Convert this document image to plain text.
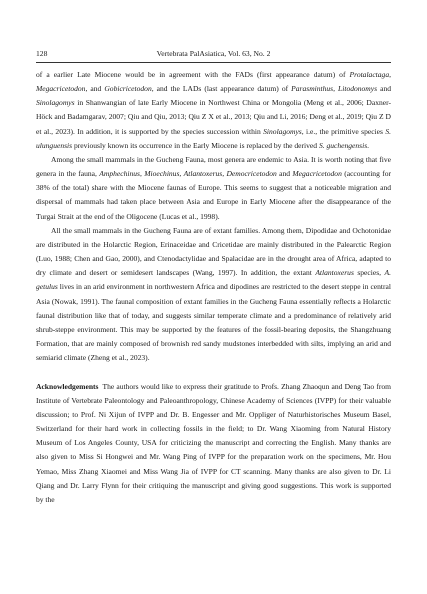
128	Vertebrata PalAsiatica, Vol. 63, No. 2

of a earlier Late Miocene would be in agreement with the FADs (first appearance datum) of Protalactaga, Megacricetodon, and Gobicricetodon, and the LADs (last appearance datum) of Parasminthus, Litodonomys and Sinolagomys in Shanwangian of late Early Miocene in Northwest China or Mongolia (Meng et al., 2006; Daxner-Höck and Badamgarav, 2007; Qiu and Qiu, 2013; Qiu Z X et al., 2013; Qiu and Li, 2016; Deng et al., 2019; Qiu Z D et al., 2023). In addition, it is supported by the species succession within Sinolagomys, i.e., the primitive species S. ulunguensis previously known its occurrence in the Early Miocene is replaced by the derived S. guchengensis.

Among the small mammals in the Gucheng Fauna, most genera are endemic to Asia. It is worth noting that five genera in the fauna, Amphechinus, Mioechinus, Atlantoxerus, Democricetodon and Megacricetodon (accounting for 38% of the total) share with the Miocene faunas of Europe. This seems to suggest that a noticeable migration and dispersal of mammals had taken place between Asia and Europe in Early Miocene after the disappearance of the Turgai Strait at the end of the Oligocene (Lucas et al., 1998).

All the small mammals in the Gucheng Fauna are of extant families. Among them, Dipodidae and Ochotonidae are distributed in the Holarctic Region, Erinaceidae and Cricetidae are mainly distributed in the Palearctic Region (Luo, 1988; Chen and Gao, 2000), and Ctenodactylidae and Spalacidae are in the drought area of Africa, adapted to dry climate and desert or semidesert landscapes (Wang, 1997). In addition, the extant Atlantoxerus species, A. getulus lives in an arid environment in northwestern Africa and dipodines are restricted to the desert steppe in central Asia (Nowak, 1991). The faunal composition of extant families in the Gucheng Fauna essentially reflects a Holarctic faunal distribution like that of today, and suggests similar temperate climate and a predominance of relatively arid shrub-steppe environment. This may be supported by the features of the fossil-bearing deposits, the Shangzhuang Formation, that are mainly composed of brownish red sandy mudstones interbedded with silts, implying an arid and semiarid climate (Zheng et al., 2023).

Acknowledgements The authors would like to express their gratitude to Profs. Zhang Zhaoqun and Deng Tao from Institute of Vertebrate Paleontology and Paleoanthropology, Chinese Academy of Sciences (IVPP) for their valuable discussion; to Prof. Ni Xijun of IVPP and Dr. B. Engesser and Mr. Oppliger of Naturhistorisches Museum Basel, Switzerland for their hard work in collecting fossils in the field; to Dr. Wang Xiaoming from Natural History Museum of Los Angeles County, USA for criticizing the manuscript and correcting the English. Many thanks are also given to Miss Si Hongwei and Mr. Wang Ping of IVPP for the preparation work on the specimens, Mr. Hou Yemao, Miss Zhang Xiaomei and Miss Wang Jia of IVPP for CT scanning. Many thanks are also given to Dr. Li Qiang and Dr. Larry Flynn for their critiquing the manuscript and giving good suggestions. This work is supported by the
